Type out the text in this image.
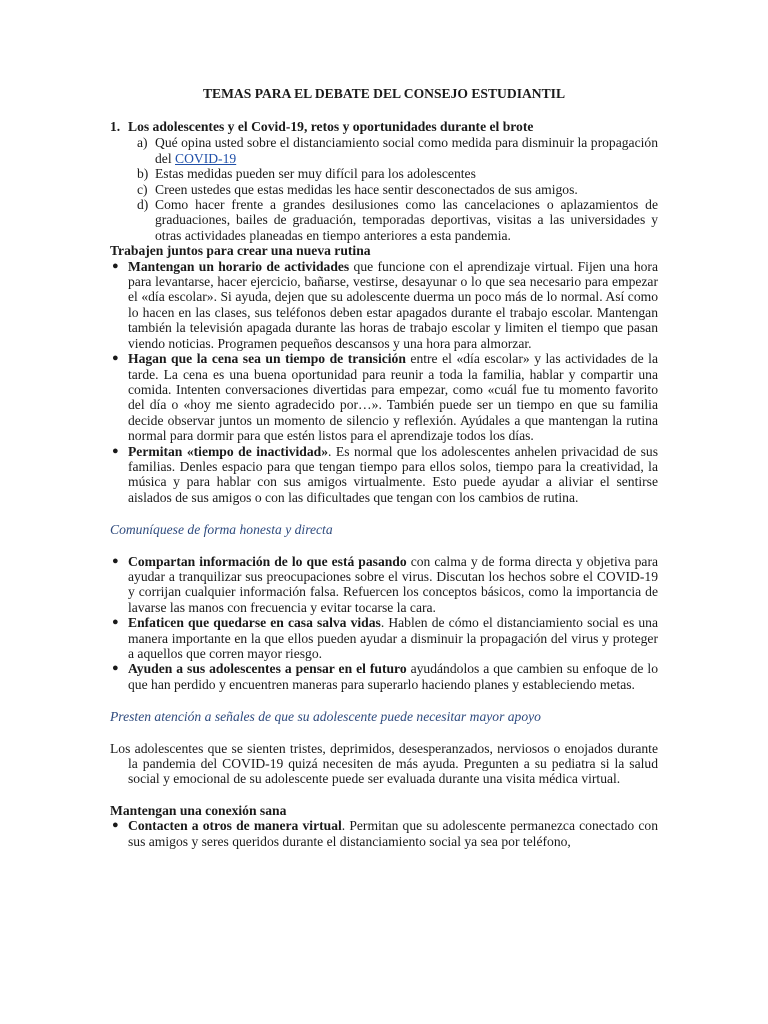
TEMAS PARA EL DEBATE DEL CONSEJO ESTUDIANTIL
1. Los adolescentes y el Covid-19, retos y oportunidades durante el brote
a) Qué opina usted sobre el distanciamiento social como medida para disminuir la propagación del COVID-19
b) Estas medidas pueden ser muy difícil para los adolescentes
c) Creen ustedes que estas medidas les hace sentir desconectados de sus amigos.
d) Como hacer frente a grandes desilusiones como las cancelaciones o aplazamientos de graduaciones, bailes de graduación, temporadas deportivas, visitas a las universidades y otras actividades planeadas en tiempo anteriores a esta pandemia.
Trabajen juntos para crear una nueva rutina
● Mantengan un horario de actividades que funcione con el aprendizaje virtual. Fijen una hora para levantarse, hacer ejercicio, bañarse, vestirse, desayunar o lo que sea necesario para empezar el «día escolar». Si ayuda, dejen que su adolescente duerma un poco más de lo normal. Así como lo hacen en las clases, sus teléfonos deben estar apagados durante el trabajo escolar. Mantengan también la televisión apagada durante las horas de trabajo escolar y limiten el tiempo que pasan viendo noticias. Programen pequeños descansos y una hora para almorzar.
● Hagan que la cena sea un tiempo de transición entre el «día escolar» y las actividades de la tarde. La cena es una buena oportunidad para reunir a toda la familia, hablar y compartir una comida. Intenten conversaciones divertidas para empezar, como «cuál fue tu momento favorito del día o «hoy me siento agradecido por…». También puede ser un tiempo en que su familia decide observar juntos un momento de silencio y reflexión. Ayúdales a que mantengan la rutina normal para dormir para que estén listos para el aprendizaje todos los días.
● Permitan «tiempo de inactividad». Es normal que los adolescentes anhelen privacidad de sus familias. Denles espacio para que tengan tiempo para ellos solos, tiempo para la creatividad, la música y para hablar con sus amigos virtualmente. Esto puede ayudar a aliviar el sentirse aislados de sus amigos o con las dificultades que tengan con los cambios de rutina.
Comuníquese de forma honesta y directa
● Compartan información de lo que está pasando con calma y de forma directa y objetiva para ayudar a tranquilizar sus preocupaciones sobre el virus. Discutan los hechos sobre el COVID-19 y corrijan cualquier información falsa. Refuercen los conceptos básicos, como la importancia de lavarse las manos con frecuencia y evitar tocarse la cara.
● Enfaticen que quedarse en casa salva vidas. Hablen de cómo el distanciamiento social es una manera importante en la que ellos pueden ayudar a disminuir la propagación del virus y proteger a aquellos que corren mayor riesgo.
● Ayuden a sus adolescentes a pensar en el futuro ayudándolos a que cambien su enfoque de lo que han perdido y encuentren maneras para superarlo haciendo planes y estableciendo metas.
Presten atención a señales de que su adolescente puede necesitar mayor apoyo
Los adolescentes que se sienten tristes, deprimidos, desesperanzados, nerviosos o enojados durante la pandemia del COVID-19 quizá necesiten de más ayuda. Pregunten a su pediatra si la salud social y emocional de su adolescente puede ser evaluada durante una visita médica virtual.
Mantengan una conexión sana
● Contacten a otros de manera virtual. Permitan que su adolescente permanezca conectado con sus amigos y seres queridos durante el distanciamiento social ya sea por teléfono,
